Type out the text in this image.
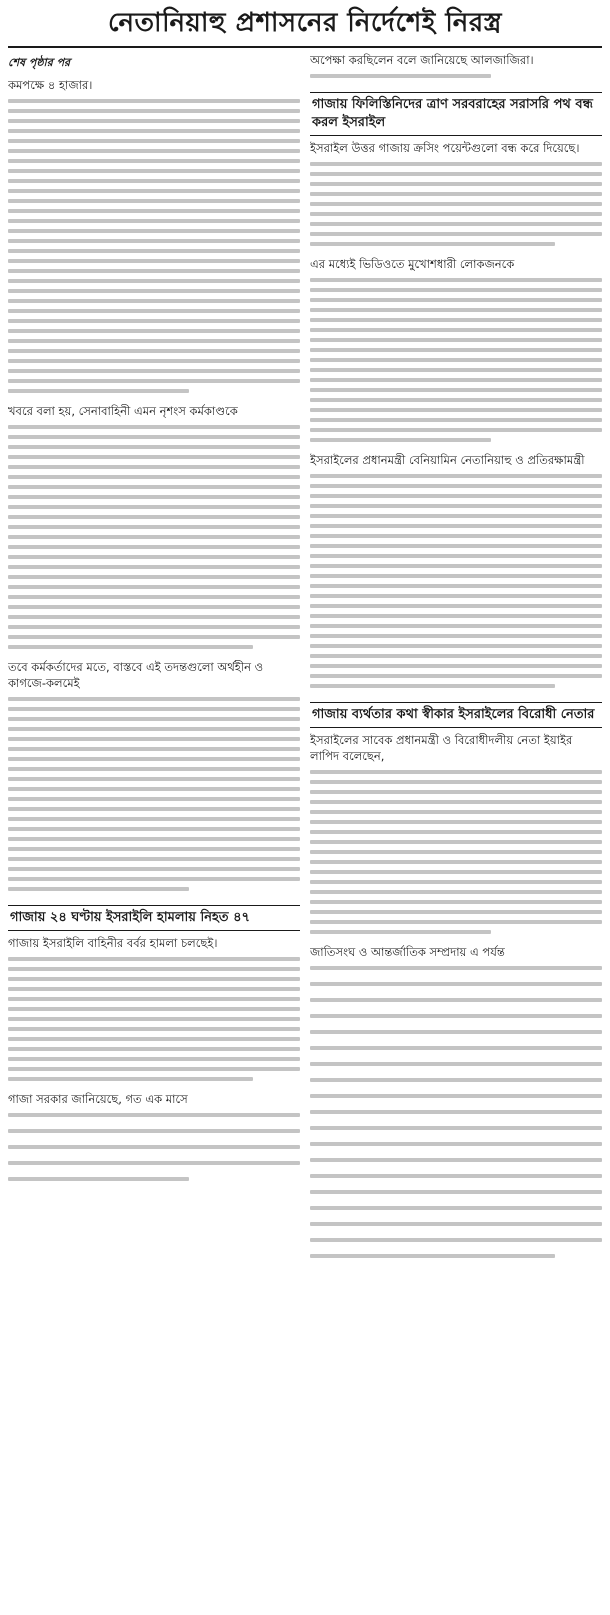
নেতানিয়াহু প্রশাসনের নির্দেশেই নিরস্ত্র
শেষ পৃষ্ঠার পর
কমপক্ষে ৪ হাজার।
খবরে বলা হয়, সেনাবাহিনী এমন নৃশংস কর্মকাণ্ডকে
তবে কর্মকর্তাদের মতে, বাস্তবে এই তদন্তগুলো অর্থহীন ও কাগজে-কলমেই
গাজায় ২৪ ঘণ্টায় ইসরাইলি হামলায় নিহত ৪৭
গাজায় ইসরাইলি বাহিনীর বর্বর হামলা চলছেই।
গাজা সরকার জানিয়েছে, গত এক মাসে
অপেক্ষা করছিলেন বলে জানিয়েছে আলজাজিরা।
গাজায় ফিলিস্তিনিদের ত্রাণ সরবরাহের সরাসরি পথ বন্ধ করল ইসরাইল
ইসরাইল উত্তর গাজায় ক্রসিং পয়েন্টগুলো বন্ধ করে দিয়েছে।
এর মধ্যেই ভিডিওতে মুখোশধারী লোকজনকে
ইসরাইলের প্রধানমন্ত্রী বেনিয়ামিন নেতানিয়াহু ও প্রতিরক্ষামন্ত্রী
গাজায় ব্যর্থতার কথা স্বীকার ইসরাইলের বিরোধী নেতার
ইসরাইলের সাবেক প্রধানমন্ত্রী ও বিরোধীদলীয় নেতা ইয়াইর লাপিদ বলেছেন,
জাতিসংঘ ও আন্তর্জাতিক সম্প্রদায় এ পর্যন্ত
